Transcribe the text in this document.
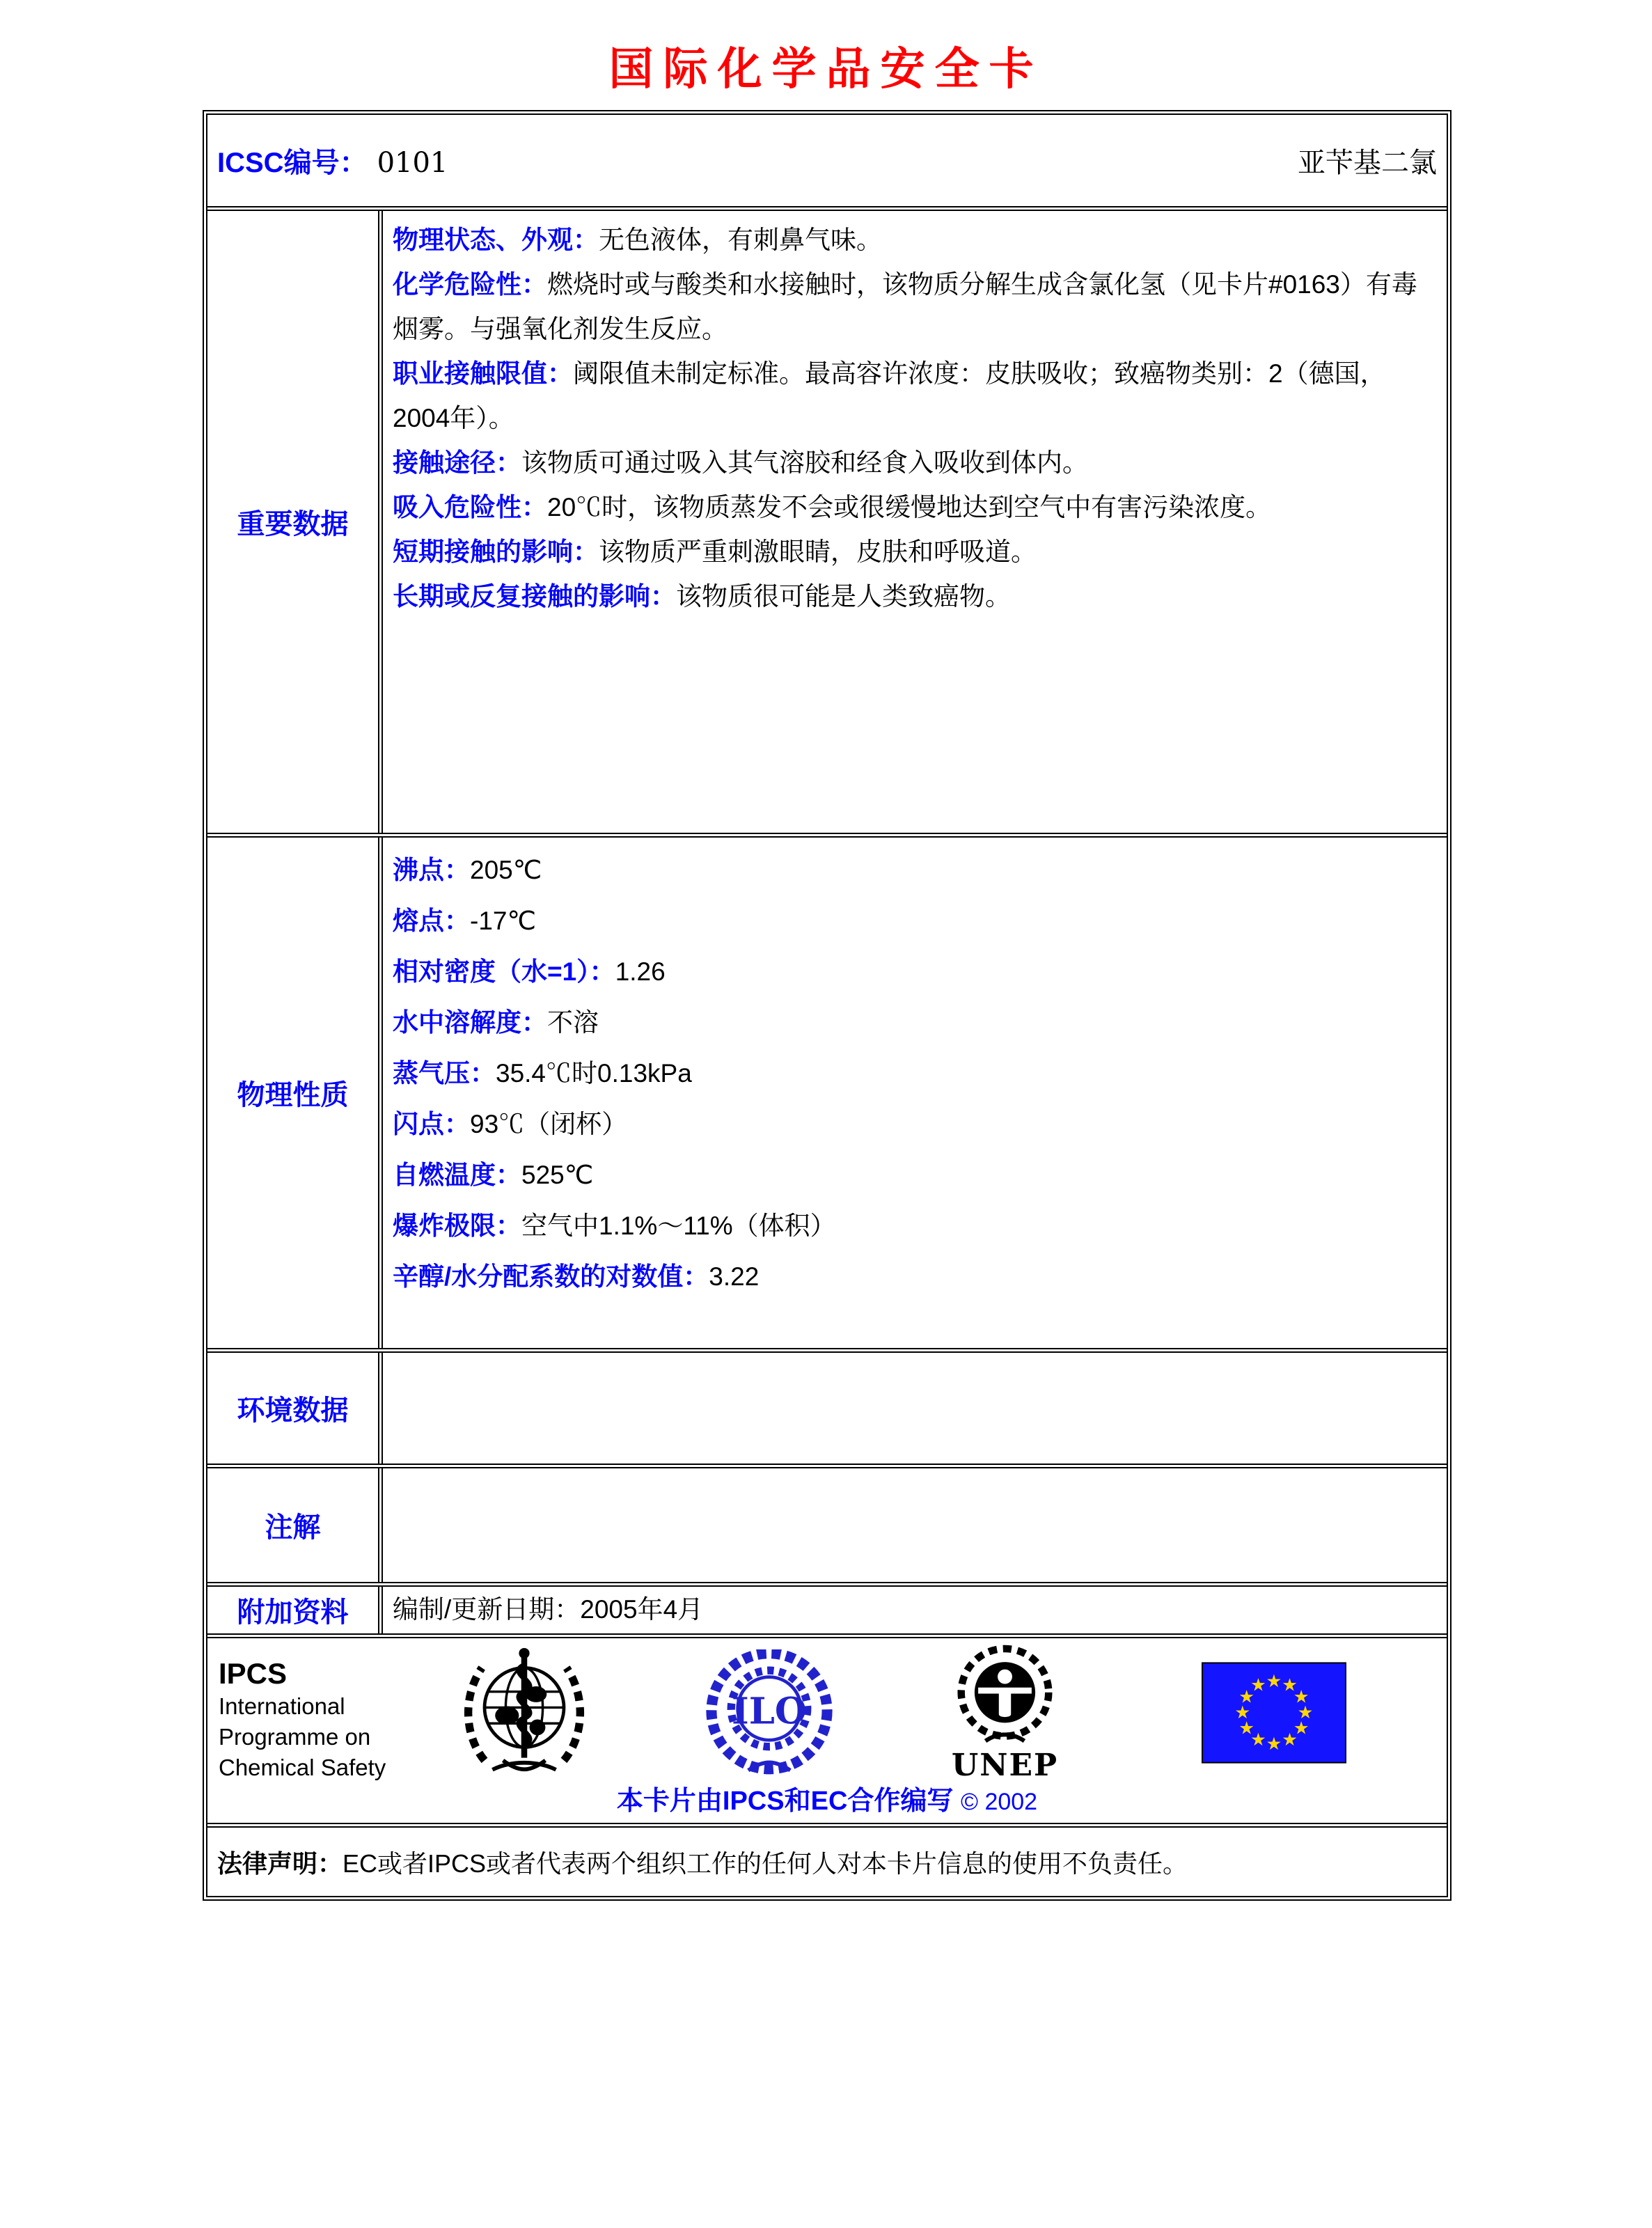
国际化学品安全卡
ICSC编号： 0101	亚苄基二氯
重要数据

物理状态、外观：无色液体，有刺鼻气味。

化学危险性：燃烧时或与酸类和水接触时，该物质分解生成含氯化氢（见卡片#0163）有毒烟雾。与强氧化剂发生反应。

职业接触限值：阈限值未制定标准。最高容许浓度：皮肤吸收；致癌物类别：2（德国，2004年）。

接触途径：该物质可通过吸入其气溶胶和经食入吸收到体内。

吸入危险性：20℃时，该物质蒸发不会或很缓慢地达到空气中有害污染浓度。

短期接触的影响：该物质严重刺激眼睛，皮肤和呼吸道。

长期或反复接触的影响：该物质很可能是人类致癌物。

物理性质

沸点：205℃

熔点：-17℃

相对密度（水=1）：1.26

水中溶解度：不溶

蒸气压：35.4℃时0.13kPa

闪点：93℃（闭杯）

自燃温度：525℃

爆炸极限：空气中1.1%～11%（体积）

辛醇/水分配系数的对数值：3.22

环境数据
注解
附加资料	编制/更新日期：2005年4月

IPCS
International
Programme on
Chemical Safety
ILO
UNEP
★ ★
★
★
★
★
★
★
★
★
★
★
本卡片由IPCS和EC合作编写 © 2002
法律声明： EC或者IPCS或者代表两个组织工作的任何人对本卡片信息的使用不负责任。
